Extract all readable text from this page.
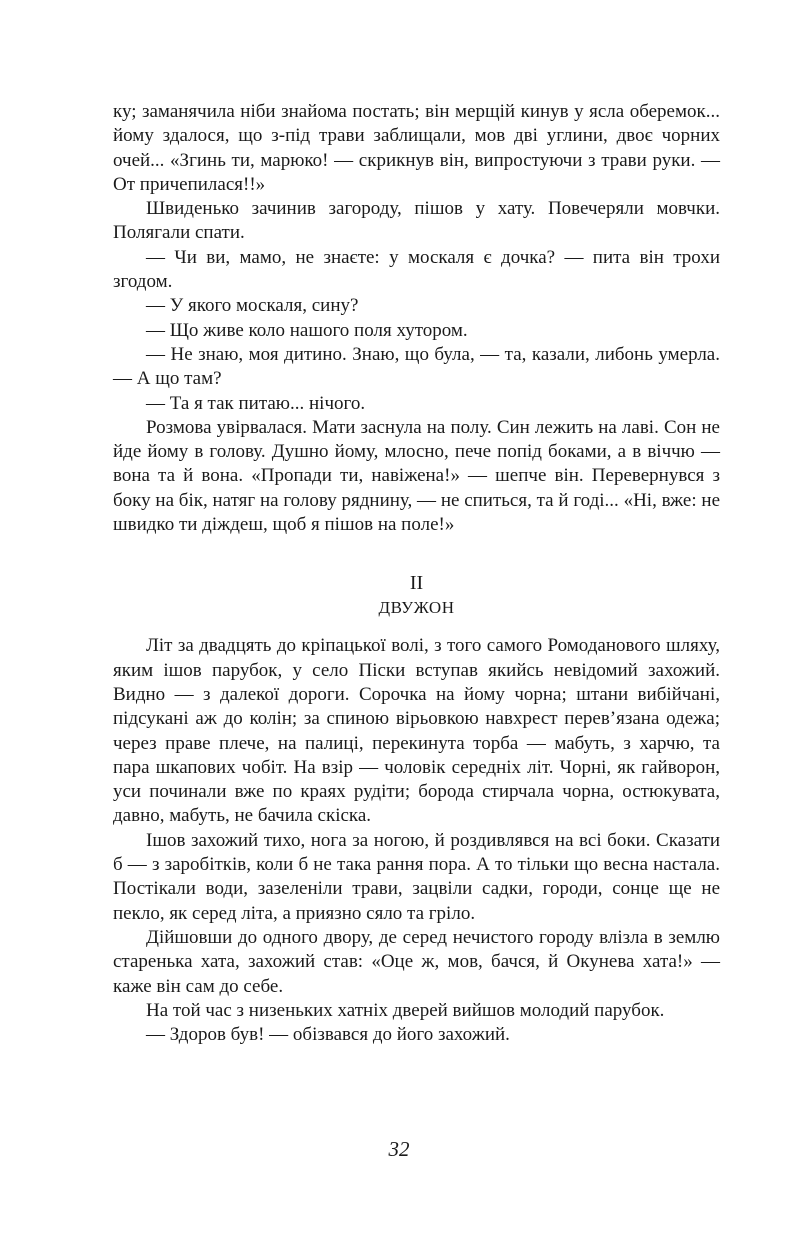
ку; заманячила ніби знайома постать; він мерщій кинув у ясла оберемок... йому здалося, що з-під трави заблищали, мов дві углини, двоє чорних очей... «Згинь ти, марюко! — скрикнув він, випростуючи з трави руки. — От причепилася!!»

Швиденько зачинив загороду, пішов у хату. Повечеряли мовчки. Полягали спати.

— Чи ви, мамо, не знаєте: у москаля є дочка? — пита він трохи згодом.

— У якого москаля, сину?

— Що живе коло нашого поля хутором.

— Не знаю, моя дитино. Знаю, що була, — та, казали, либонь умерла. — А що там?

— Та я так питаю... нічого.

Розмова увірвалася. Мати заснула на полу. Син лежить на лаві. Сон не йде йому в голову. Душно йому, млосно, пече попід боками, а в віччю — вона та й вона. «Пропади ти, навіжена!» — шепче він. Перевернувся з боку на бік, натяг на голову ряднину, — не спиться, та й годі... «Ні, вже: не швидко ти діждеш, щоб я пішов на поле!»

II
ДВУЖОН

Літ за двадцять до кріпацької волі, з того самого Ромоданового шляху, яким ішов парубок, у село Піски вступав якийсь невідомий захожий. Видно — з далекої дороги. Сорочка на йому чорна; штани вибійчані, підсукані аж до колін; за спиною вірьовкою навхрест перев’язана одежа; через праве плече, на палиці, перекинута торба — мабуть, з харчю, та пара шкапових чобіт. На взір — чоловік середніх літ. Чорні, як гайворон, уси починали вже по краях рудіти; борода стирчала чорна, остюкувата, давно, мабуть, не бачила скіска.

Ішов захожий тихо, нога за ногою, й роздивлявся на всі боки. Сказати б — з заробітків, коли б не така рання пора. А то тільки що весна настала. Постікали води, зазеленіли трави, зацвіли садки, городи, сонце ще не пекло, як серед літа, а приязно сяло та гріло.

Дійшовши до одного двору, де серед нечистого городу влізла в землю старенька хата, захожий став: «Оце ж, мов, бачся, й Окунева хата!» — каже він сам до себе.

На той час з низеньких хатніх дверей вийшов молодий парубок.

— Здоров був! — обізвався до його захожий.

32
